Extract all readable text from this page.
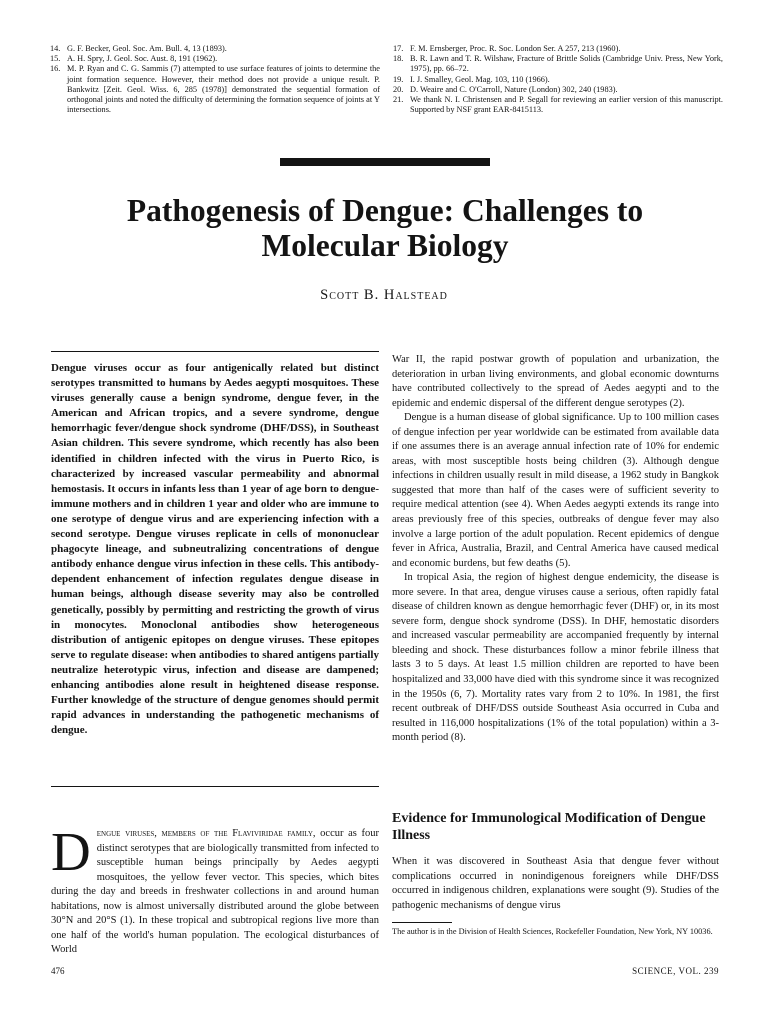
14. G. F. Becker, Geol. Soc. Am. Bull. 4, 13 (1893).
15. A. H. Spry, J. Geol. Soc. Aust. 8, 191 (1962).
16. M. P. Ryan and C. G. Sammis (7) attempted to use surface features of joints to determine the joint formation sequence. However, their method does not provide a unique result. P. Bankwitz [Zeit. Geol. Wiss. 6, 285 (1978)] demonstrated the sequential formation of orthogonal joints and noted the difficulty of determining the formation sequence of joints at Y intersections.
17. F. M. Ernsberger, Proc. R. Soc. London Ser. A 257, 213 (1960).
18. B. R. Lawn and T. R. Wilshaw, Fracture of Brittle Solids (Cambridge Univ. Press, New York, 1975), pp. 66–72.
19. I. J. Smalley, Geol. Mag. 103, 110 (1966).
20. D. Weaire and C. O'Carroll, Nature (London) 302, 240 (1983).
21. We thank N. I. Christensen and P. Segall for reviewing an earlier version of this manuscript. Supported by NSF grant EAR-8415113.
Pathogenesis of Dengue: Challenges to Molecular Biology
Scott B. Halstead
Dengue viruses occur as four antigenically related but distinct serotypes transmitted to humans by Aedes aegypti mosquitoes. These viruses generally cause a benign syndrome, dengue fever, in the American and African tropics, and a severe syndrome, dengue hemorrhagic fever/dengue shock syndrome (DHF/DSS), in Southeast Asian children. This severe syndrome, which recently has also been identified in children infected with the virus in Puerto Rico, is characterized by increased vascular permeability and abnormal hemostasis. It occurs in infants less than 1 year of age born to dengue-immune mothers and in children 1 year and older who are immune to one serotype of dengue virus and are experiencing infection with a second serotype. Dengue viruses replicate in cells of mononuclear phagocyte lineage, and subneutralizing concentrations of dengue antibody enhance dengue virus infection in these cells. This antibody-dependent enhancement of infection regulates dengue disease in human beings, although disease severity may also be controlled genetically, possibly by permitting and restricting the growth of virus in monocytes. Monoclonal antibodies show heterogeneous distribution of antigenic epitopes on dengue viruses. These epitopes serve to regulate disease: when antibodies to shared antigens partially neutralize heterotypic virus, infection and disease are dampened; enhancing antibodies alone result in heightened disease response. Further knowledge of the structure of dengue genomes should permit rapid advances in understanding the pathogenetic mechanisms of dengue.
Dengue viruses, members of the Flaviviridae family, occur as four distinct serotypes that are biologically transmitted from infected to susceptible human beings principally by Aedes aegypti mosquitoes, the yellow fever vector. This species, which bites during the day and breeds in freshwater collections in and around human habitations, now is almost universally distributed around the globe between 30°N and 20°S (1). In these tropical and subtropical regions live more than one half of the world's human population. The ecological disturbances of World

War II, the rapid postwar growth of population and urbanization, the deterioration in urban living environments, and global economic downturns have contributed collectively to the spread of Aedes aegypti and to the epidemic and endemic dispersal of the different dengue serotypes (2).

Dengue is a human disease of global significance. Up to 100 million cases of dengue infection per year worldwide can be estimated from available data if one assumes there is an average annual infection rate of 10% for endemic areas, with most susceptible hosts being children (3). Although dengue infections in children usually result in mild disease, a 1962 study in Bangkok suggested that more than half of the cases were of sufficient severity to require medical attention (see 4). When Aedes aegypti extends its range into areas previously free of this species, outbreaks of dengue fever may also involve a large portion of the adult population. Recent epidemics of dengue fever in Africa, Australia, Brazil, and Central America have caused medical and economic burdens, but few deaths (5).

In tropical Asia, the region of highest dengue endemicity, the disease is more severe. In that area, dengue viruses cause a serious, often rapidly fatal disease of children known as dengue hemorrhagic fever (DHF) or, in its most severe form, dengue shock syndrome (DSS). In DHF, hemostatic disorders and increased vascular permeability are accompanied frequently by internal bleeding and shock. These disturbances follow a minor febrile illness that lasts 3 to 5 days. At least 1.5 million children are reported to have been hospitalized and 33,000 have died with this syndrome since it was recognized in the 1950s (6, 7). Mortality rates vary from 2 to 10%. In 1981, the first recent outbreak of DHF/DSS outside Southeast Asia occurred in Cuba and resulted in 116,000 hospitalizations (1% of the total population) within a 3-month period (8).

Evidence for Immunological Modification of Dengue Illness
When it was discovered in Southeast Asia that dengue fever without complications occurred in nonindigenous foreigners while DHF/DSS occurred in indigenous children, explanations were sought (9). Studies of the pathogenic mechanisms of dengue virus
The author is in the Division of Health Sciences, Rockefeller Foundation, New York, NY 10036.
476	SCIENCE, VOL. 239
